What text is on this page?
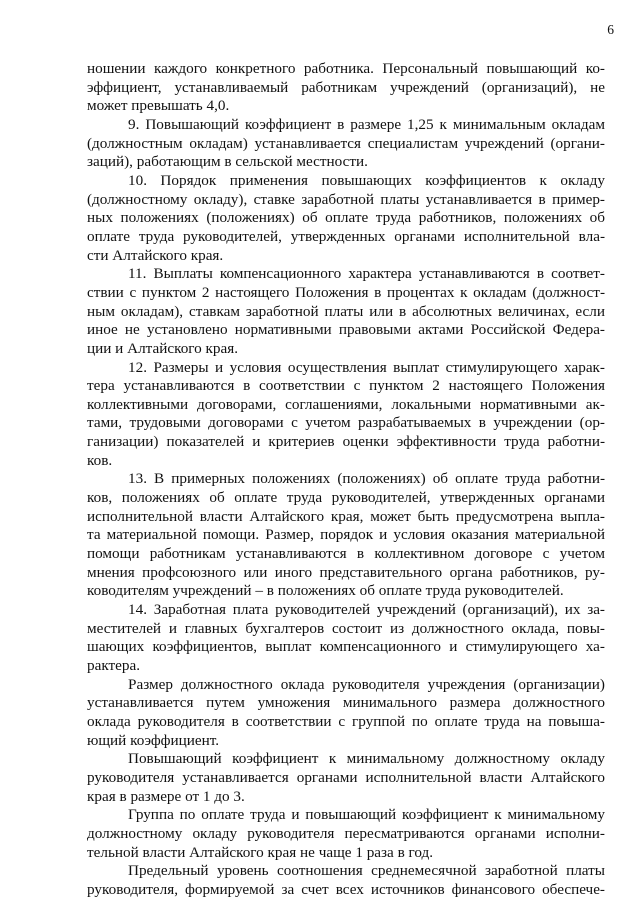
6
ношении каждого конкретного работника. Персональный повышающий ко-
эффициент, устанавливаемый работникам учреждений (организаций), не
может превышать 4,0.
9. Повышающий коэффициент в размере 1,25 к минимальным окладам
(должностным окладам) устанавливается специалистам учреждений (органи-
заций), работающим в сельской местности.
10. Порядок применения повышающих коэффициентов к окладу
(должностному окладу), ставке заработной платы устанавливается в пример-
ных положениях (положениях) об оплате труда работников, положениях об
оплате труда руководителей, утвержденных органами исполнительной вла-
сти Алтайского края.
11. Выплаты компенсационного характера устанавливаются в соответ-
ствии с пунктом 2 настоящего Положения в процентах к окладам (должност-
ным окладам), ставкам заработной платы или в абсолютных величинах, если
иное не установлено нормативными правовыми актами Российской Федера-
ции и Алтайского края.
12. Размеры и условия осуществления выплат стимулирующего харак-
тера устанавливаются в соответствии с пунктом 2 настоящего Положения
коллективными договорами, соглашениями, локальными нормативными ак-
тами, трудовыми договорами с учетом разрабатываемых в учреждении (ор-
ганизации) показателей и критериев оценки эффективности труда работни-
ков.
13. В примерных положениях (положениях) об оплате труда работни-
ков, положениях об оплате труда руководителей, утвержденных органами
исполнительной власти Алтайского края, может быть предусмотрена выпла-
та материальной помощи. Размер, порядок и условия оказания материальной
помощи работникам устанавливаются в коллективном договоре с учетом
мнения профсоюзного или иного представительного органа работников, ру-
ководителям учреждений – в положениях об оплате труда руководителей.
14. Заработная плата руководителей учреждений (организаций), их за-
местителей и главных бухгалтеров состоит из должностного оклада, повы-
шающих коэффициентов, выплат компенсационного и стимулирующего ха-
рактера.
Размер должностного оклада руководителя учреждения (организации)
устанавливается путем умножения минимального размера должностного
оклада руководителя в соответствии с группой по оплате труда на повыша-
ющий коэффициент.
Повышающий коэффициент к минимальному должностному окладу
руководителя устанавливается органами исполнительной власти Алтайского
края в размере от 1 до 3.
Группа по оплате труда и повышающий коэффициент к минимальному
должностному окладу руководителя пересматриваются органами исполни-
тельной власти Алтайского края не чаще 1 раза в год.
Предельный уровень соотношения среднемесячной заработной платы
руководителя, формируемой за счет всех источников финансового обеспече-
